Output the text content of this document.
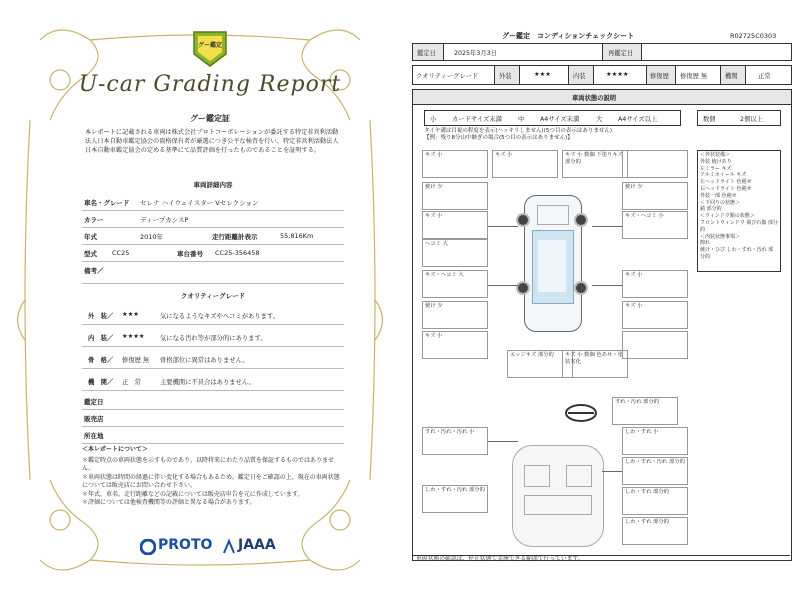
グー鑑定
U-car Grading Report
グー鑑定証
本レポートに記載される車両は株式会社プロトコーポレーションが委託する特定非営利活動法人日本自動車鑑定協会の資格保有者が厳選につき公平な検査を行い、特定非営利活動法人日本自動車鑑定協会の定める基準にて品質評価を行ったものであることを証明する。
車両詳細内容
車名・グレード セレナ ハイウェイスター Vセレクション
カラー	ディープカシスP
年式	2010年	走行距離計表示	55,816Km
型式 CC25	車台番号 CC25-356458
備考／
クオリティーグレード
外　装／ ★★★	気になるようなキズやヘコミがあります。
内　装／ ★★★★ 気になる汚れ等が部分的にあります。
骨　格／ 修復歴 無 骨格部位に異常はありません。
機　関／ 正　常	主要機関に不具合はありません。
鑑定日
販売店
所在地
＜本レポートについて＞
＊鑑定時点の車両状態を示すものであり、以降将来にわたり品質を保証するものではありません。
＊車両状態は時間の経過に伴い変化する場合もあるため、鑑定日をご確認の上、現在の車両状態については販売店にお問い合わせ下さい。
＊年式、車名、走行距離などの記載については販売店申告を元に作成しています。
＊評価については他検査機関等の評価と異なる場合があります。
PROTO JAAA
グー鑑定　コンディションチェックシート	R02725C0303
鑑定日	2025年3月3日	再鑑定日
クオリティーグレード	外装	★★★	内装	★★★★	修復歴 修復歴 無	機関	正常
車両状態の説明
小 カードサイズ未満	中 A4サイズ未満	大 A4サイズ以上	数個	2個以上
タイヤ溝は目視の程度を表示(ハッキリしません)(5つ目の表示はありません)
【例：残り8分山中継ぎの場合(5つ目の表示はありません)】
キズ 小	キズ 小 数個 下塗りキズ 部分的
キズ 小
焼け 少
キズ 小	キズ・ヘコミ 小
ヘコミ 大
キズ・ヘコミ 大	キズ 小
焼け 少
焼け 少
キズ 小
キズ 小
エッジキズ 部分的	キズ 小 数個 色あせ・塗装劣化
＜外装装備＞
外装 焼けあり
左ミラー キズ
アルミホイール キズ
左ヘッドライト 色褪せ
右ヘッドライト 色褪せ
外装一部 色褪せ
＜下回りの状態＞
錆 部分的
＜ウィンドウ類の状態＞
フロントウィンドウ 飛び石傷 部分的
＜内装状態事項＞
擦れ
焼け・ひび しわ・すれ・汚れ 部分的
すれ・汚れ 部分的
すれ・汚れ・汚れ 小	しわ・すれ 小
しわ・すれ・汚れ 部分的
しわ・すれ・汚れ 部分的
しわ・すれ 部分的
しわ・すれ 部分的
車両状態の確認は、停止状態で実施できる範囲で行っています。
